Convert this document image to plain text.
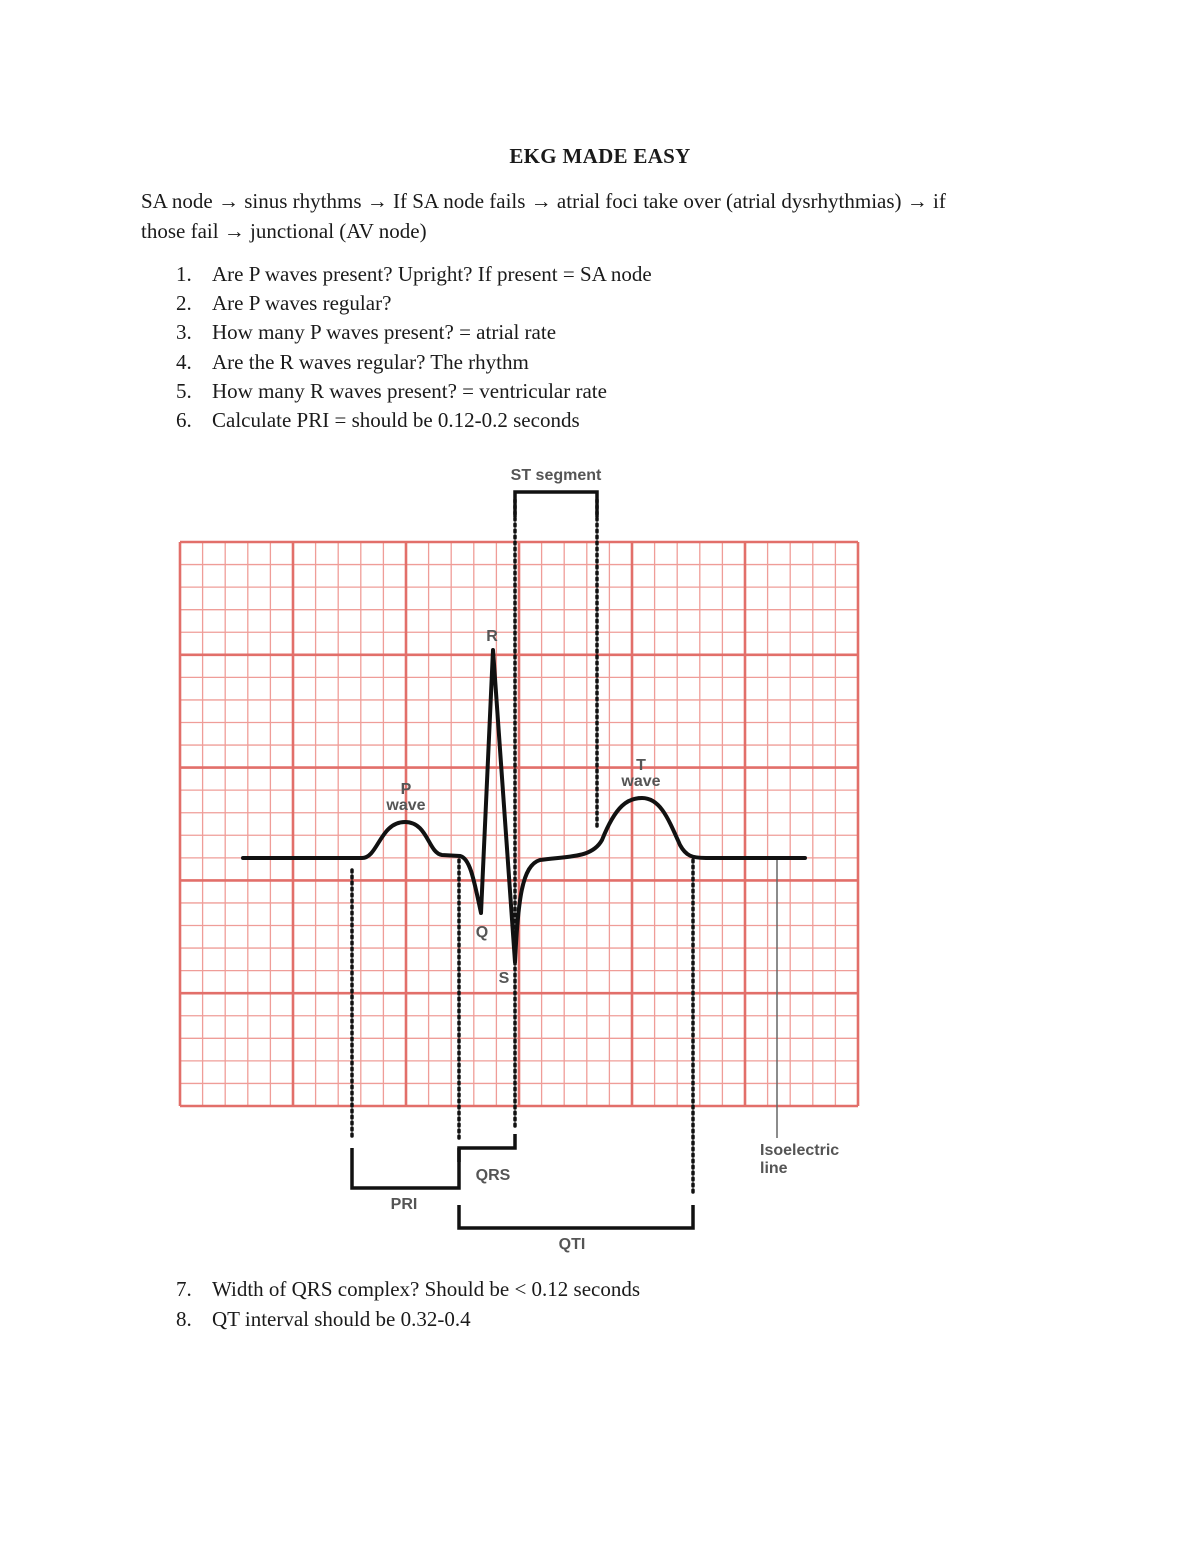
EKG MADE EASY
SA node → sinus rhythms → If SA node fails → atrial foci take over (atrial dysrhythmias) → if
those fail → junctional (AV node)
1. Are P waves present? Upright? If present = SA node
2. Are P waves regular?
3. How many P waves present? = atrial rate
4. Are the R waves regular? The rhythm
5. How many R waves present? = ventricular rate
6. Calculate PRI = should be 0.12-0.2 seconds
ST segment
R
P
wave
T
wave
Q
S
QRS
PRI
QTI
Isoelectric
line
7. Width of QRS complex? Should be < 0.12 seconds
8. QT interval should be 0.32-0.4
